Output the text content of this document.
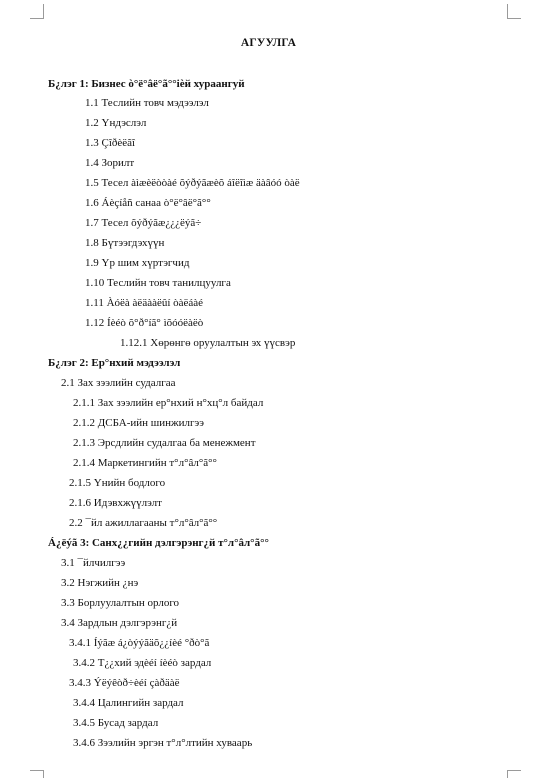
АГУУЛГА
Б¿лэг 1: Бизнес ò°ë°âë°ã°°ièй хураангуй
1.1 Теслийн товч мэдээлэл
1.2 Үндэслэл
1.3 Çîðèëãî
1.4 Зорилт
1.5 Тесел àìæèëòòàé õýðýãæèõ áîëîìæ äàâóó òàë
1.6 Áèçíåñ санаа ò°ë°âë°ã°°
1.7 Тесел õýðýãæ¿¿¿ëýã÷
1.8 Бүтээгдэхүүн
1.9 Үр шим хүртэгчид
1.10 Теслийн товч танилцуулга
1.11 Àóëà àëäààëûí òàëáàé
1.12 Íèéò õ°ð°íã° ìõóóëàëò
1.12.1 Хөрөнгө оруулалтын эх үүсвэр
Б¿лэг 2: Ер°нхий мэдээлэл
2.1 Зах зээлийн судалгаа
2.1.1 Зах зээлийн ер°нхий н°хц°л байдал
2.1.2 ДСБА-ийн шинжилгээ
2.1.3 Эрсдлийн судалгаа ба менежмент
2.1.4 Маркетингийн т°л°âл°ã°°
2.1.5 Үнийн бодлого
2.1.6 Идэвхжүүлэлт
2.2 ¯йл ажиллагааны т°л°âл°ã°°
Á¿ëýã 3: Санх¿¿гийн дэлгэрэнг¿й т°л°âл°ã°°
3.1 ¯йлчилгээ
3.2 Нэгжийн ¿нэ
3.3 Борлуулалтын орлого
3.4 Зардлын дэлгэрэнг¿й
3.4.1 Íýãæ á¿òýýãäõ¿¿íèé °ðò°ã
3.4.2 Т¿¿хий эдèéí íèéò зардал
3.4.3 Ýëýêòð÷èéí çàðäàë
3.4.4 Цалингийн зардал
3.4.5 Бусад зардал
3.4.6 Зээлийн эргэн т°л°лтийн хуваарь
